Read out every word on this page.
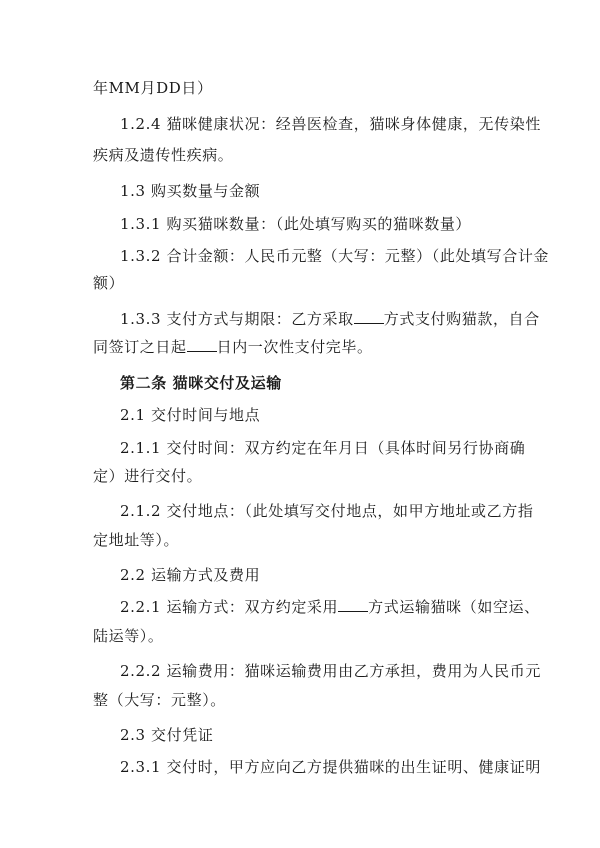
年MM月DD日）
1.2.4 猫咪健康状况：经兽医检查，猫咪身体健康，无传染性
疾病及遗传性疾病。
1.3 购买数量与金额
1.3.1 购买猫咪数量：（此处填写购买的猫咪数量）
1.3.2 合计金额：人民币元整（大写：元整）（此处填写合计金
额）
1.3.3 支付方式与期限：乙方采取 方式支付购猫款，自合
同签订之日起 日内一次性支付完毕。
第二条 猫咪交付及运输
2.1 交付时间与地点
2.1.1 交付时间：双方约定在年月日（具体时间另行协商确
定）进行交付。
2.1.2 交付地点：（此处填写交付地点，如甲方地址或乙方指
定地址等）。
2.2 运输方式及费用
2.2.1 运输方式：双方约定采用 方式运输猫咪（如空运、
陆运等）。
2.2.2 运输费用：猫咪运输费用由乙方承担，费用为人民币元
整（大写：元整）。
2.3 交付凭证
2.3.1 交付时，甲方应向乙方提供猫咪的出生证明、健康证明
